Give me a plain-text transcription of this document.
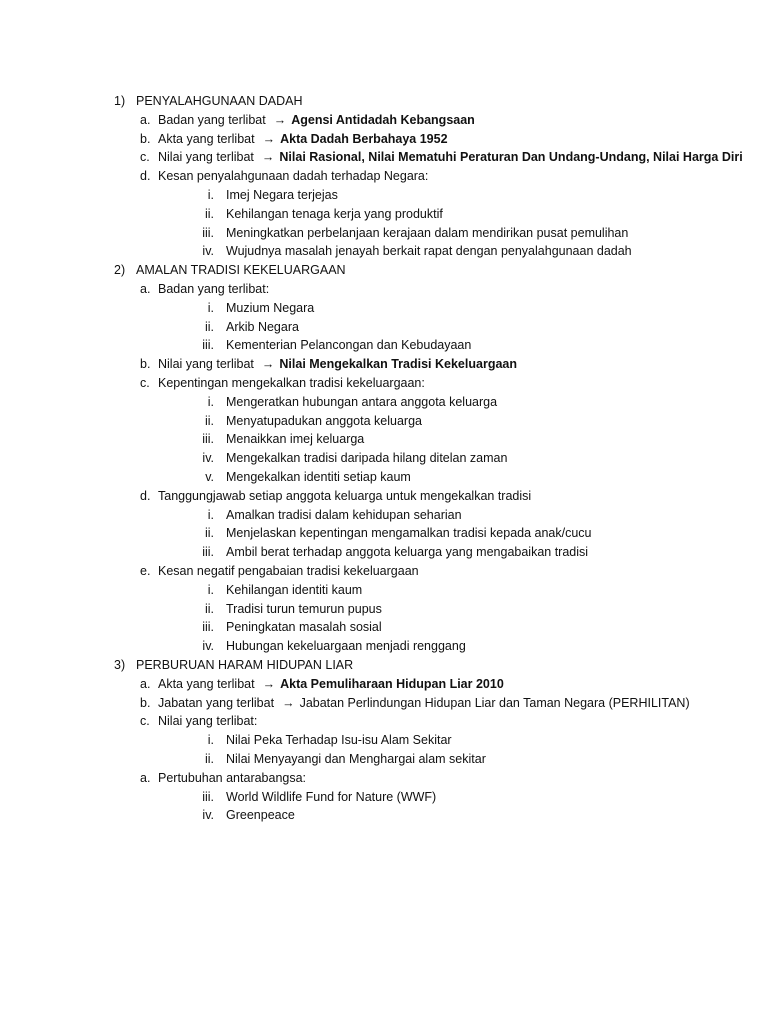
1) PENYALAHGUNAAN DADAH
a. Badan yang terlibat → Agensi Antidadah Kebangsaan
b. Akta yang terlibat → Akta Dadah Berbahaya 1952
c. Nilai yang terlibat → Nilai Rasional, Nilai Mematuhi Peraturan Dan Undang-Undang, Nilai Harga Diri
d. Kesan penyalahgunaan dadah terhadap Negara:
i. Imej Negara terjejas
ii. Kehilangan tenaga kerja yang produktif
iii. Meningkatkan perbelanjaan kerajaan dalam mendirikan pusat pemulihan
iv. Wujudnya masalah jenayah berkait rapat dengan penyalahgunaan dadah
2) AMALAN TRADISI KEKELUARGAAN
a. Badan yang terlibat:
i. Muzium Negara
ii. Arkib Negara
iii. Kementerian Pelancongan dan Kebudayaan
b. Nilai yang terlibat → Nilai Mengekalkan Tradisi Kekeluargaan
c. Kepentingan mengekalkan tradisi kekeluargaan:
i. Mengeratkan hubungan antara anggota keluarga
ii. Menyatupadukan anggota keluarga
iii. Menaikkan imej keluarga
iv. Mengekalkan tradisi daripada hilang ditelan zaman
v. Mengekalkan identiti setiap kaum
d. Tanggungjawab setiap anggota keluarga untuk mengekalkan tradisi
i. Amalkan tradisi dalam kehidupan seharian
ii. Menjelaskan kepentingan mengamalkan tradisi kepada anak/cucu
iii. Ambil berat terhadap anggota keluarga yang mengabaikan tradisi
e. Kesan negatif pengabaian tradisi kekeluargaan
i. Kehilangan identiti kaum
ii. Tradisi turun temurun pupus
iii. Peningkatan masalah sosial
iv. Hubungan kekeluargaan menjadi renggang
3) PERBURUAN HARAM HIDUPAN LIAR
a. Akta yang terlibat → Akta Pemuliharaan Hidupan Liar 2010
b. Jabatan yang terlibat → Jabatan Perlindungan Hidupan Liar dan Taman Negara (PERHILITAN)
c. Nilai yang terlibat:
i. Nilai Peka Terhadap Isu-isu Alam Sekitar
ii. Nilai Menyayangi dan Menghargai alam sekitar
a. Pertubuhan antarabangsa:
iii. World Wildlife Fund for Nature (WWF)
iv. Greenpeace
